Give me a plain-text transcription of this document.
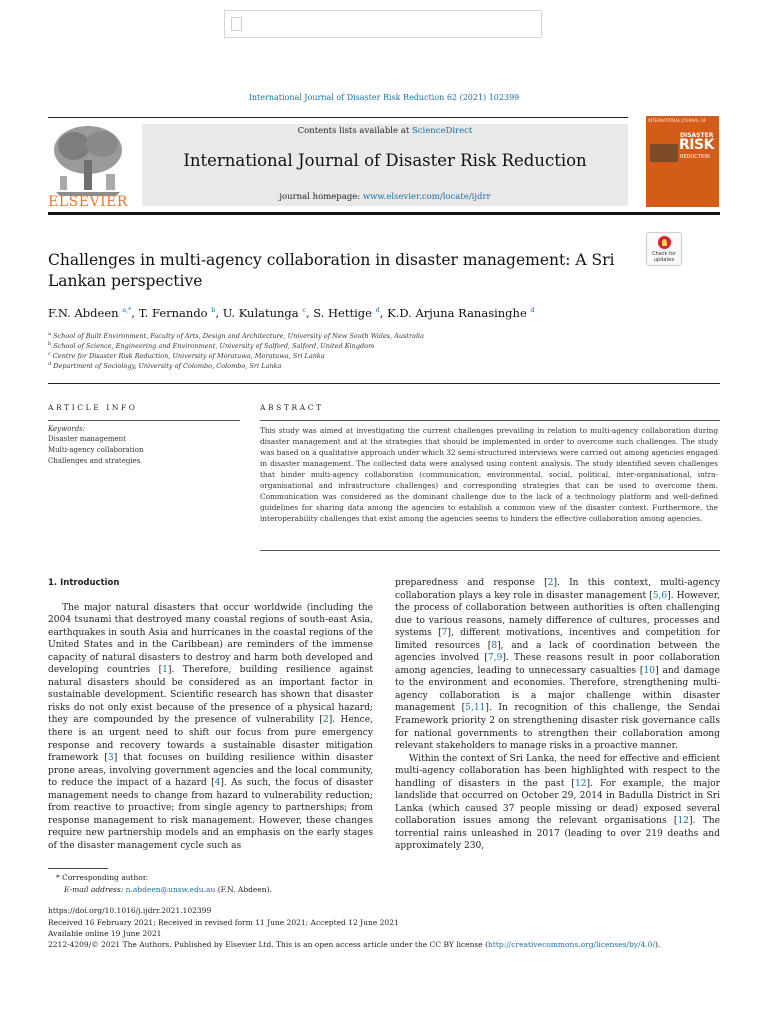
International Journal of Disaster Risk Reduction 62 (2021) 102399
ELSEVIER
Contents lists available at ScienceDirect
International Journal of Disaster Risk Reduction
journal homepage: www.elsevier.com/locate/ijdrr
INTERNATIONAL JOURNAL OF
DISASTER
RISK
REDUCTION
Challenges in multi-agency collaboration in disaster management: A Sri Lankan perspective
Check for updates
F.N. Abdeen $^{a,*}$, T. Fernando $^b$, U. Kulatunga $^c$, S. Hettige $^d$, K.D. Arjuna Ranasinghe $^d$
$^a$ School of Built Environment, Faculty of Arts, Design and Architecture, University of New South Wales, Australia
$^b$ School of Science, Engineering and Environment, University of Salford, Salford, United Kingdom
$^c$ Centre for Disaster Risk Reduction, University of Moratuwa, Moratuwa, Sri Lanka
$^d$ Department of Sociology, University of Colombo, Colombo, Sri Lanka
ARTICLE INFO
Keywords:
Disaster management
Multi-agency collaboration
Challenges and strategies
ABSTRACT

This study was aimed at investigating the current challenges prevailing in relation to multi-agency collaboration during disaster management and at the strategies that should be implemented in order to overcome such challenges. The study was based on a qualitative approach under which 32 semi-structured interviews were carried out among agencies engaged in disaster management. The collected data were analysed using content analysis. The study identified seven challenges that hinder multi-agency collaboration (communication, environmental, social, political, inter-organisational, intra-organisational and infrastructure challenges) and corresponding strategies that can be used to overcome them. Communication was considered as the dominant challenge due to the lack of a technology platform and well-defined guidelines for sharing data among the agencies to establish a common view of the disaster context. Furthermore, the interoperability challenges that exist among the agencies seems to hinders the effective collaboration among agencies.

1. Introduction

The major natural disasters that occur worldwide (including the 2004 tsunami that destroyed many coastal regions of south-east Asia, earthquakes in south Asia and hurricanes in the coastal regions of the United States and in the Caribbean) are reminders of the immense capacity of natural disasters to destroy and harm both developed and developing countries [1]. Therefore, building resilience against natural disasters should be considered as an important factor in sustainable development. Scientific research has shown that disaster risks do not only exist because of the presence of a physical hazard; they are compounded by the presence of vulnerability [2]. Hence, there is an urgent need to shift our focus from pure emergency response and recovery towards a sustainable disaster mitigation framework [3] that focuses on building resilience within disaster prone areas, involving government agencies and the local community, to reduce the impact of a hazard [4]. As such, the focus of disaster management needs to change from hazard to vulnerability reduction; from reactive to proactive; from single agency to partnerships; from response management to risk management. However, these changes require new partnership models and an emphasis on the early stages of the disaster management cycle such as

preparedness and response [2]. In this context, multi-agency collaboration plays a key role in disaster management [5,6]. However, the process of collaboration between authorities is often challenging due to various reasons, namely difference of cultures, processes and systems [7], different motivations, incentives and competition for limited resources [8], and a lack of coordination between the agencies involved [7,9]. These reasons result in poor collaboration among agencies, leading to unnecessary casualties [10] and damage to the environment and economies. Therefore, strengthening multi-agency collaboration is a major challenge within disaster management [5,11]. In recognition of this challenge, the Sendai Framework priority 2 on strengthening disaster risk governance calls for national governments to strengthen their collaboration among relevant stakeholders to manage risks in a proactive manner.

Within the context of Sri Lanka, the need for effective and efficient multi-agency collaboration has been highlighted with respect to the handling of disasters in the past [12]. For example, the major landslide that occurred on October 29, 2014 in Badulla District in Sri Lanka (which caused 37 people missing or dead) exposed several collaboration issues among the relevant organisations [12]. The torrential rains unleashed in 2017 (leading to over 219 deaths and approximately 230,

* Corresponding author.
E-mail address: n.abdeen@unsw.edu.au (F.N. Abdeen).
https://doi.org/10.1016/j.ijdrr.2021.102399
Received 16 February 2021; Received in revised form 11 June 2021; Accepted 12 June 2021
Available online 19 June 2021
2212-4209/© 2021 The Authors. Published by Elsevier Ltd. This is an open access article under the CC BY license (http://creativecommons.org/licenses/by/4.0/).
